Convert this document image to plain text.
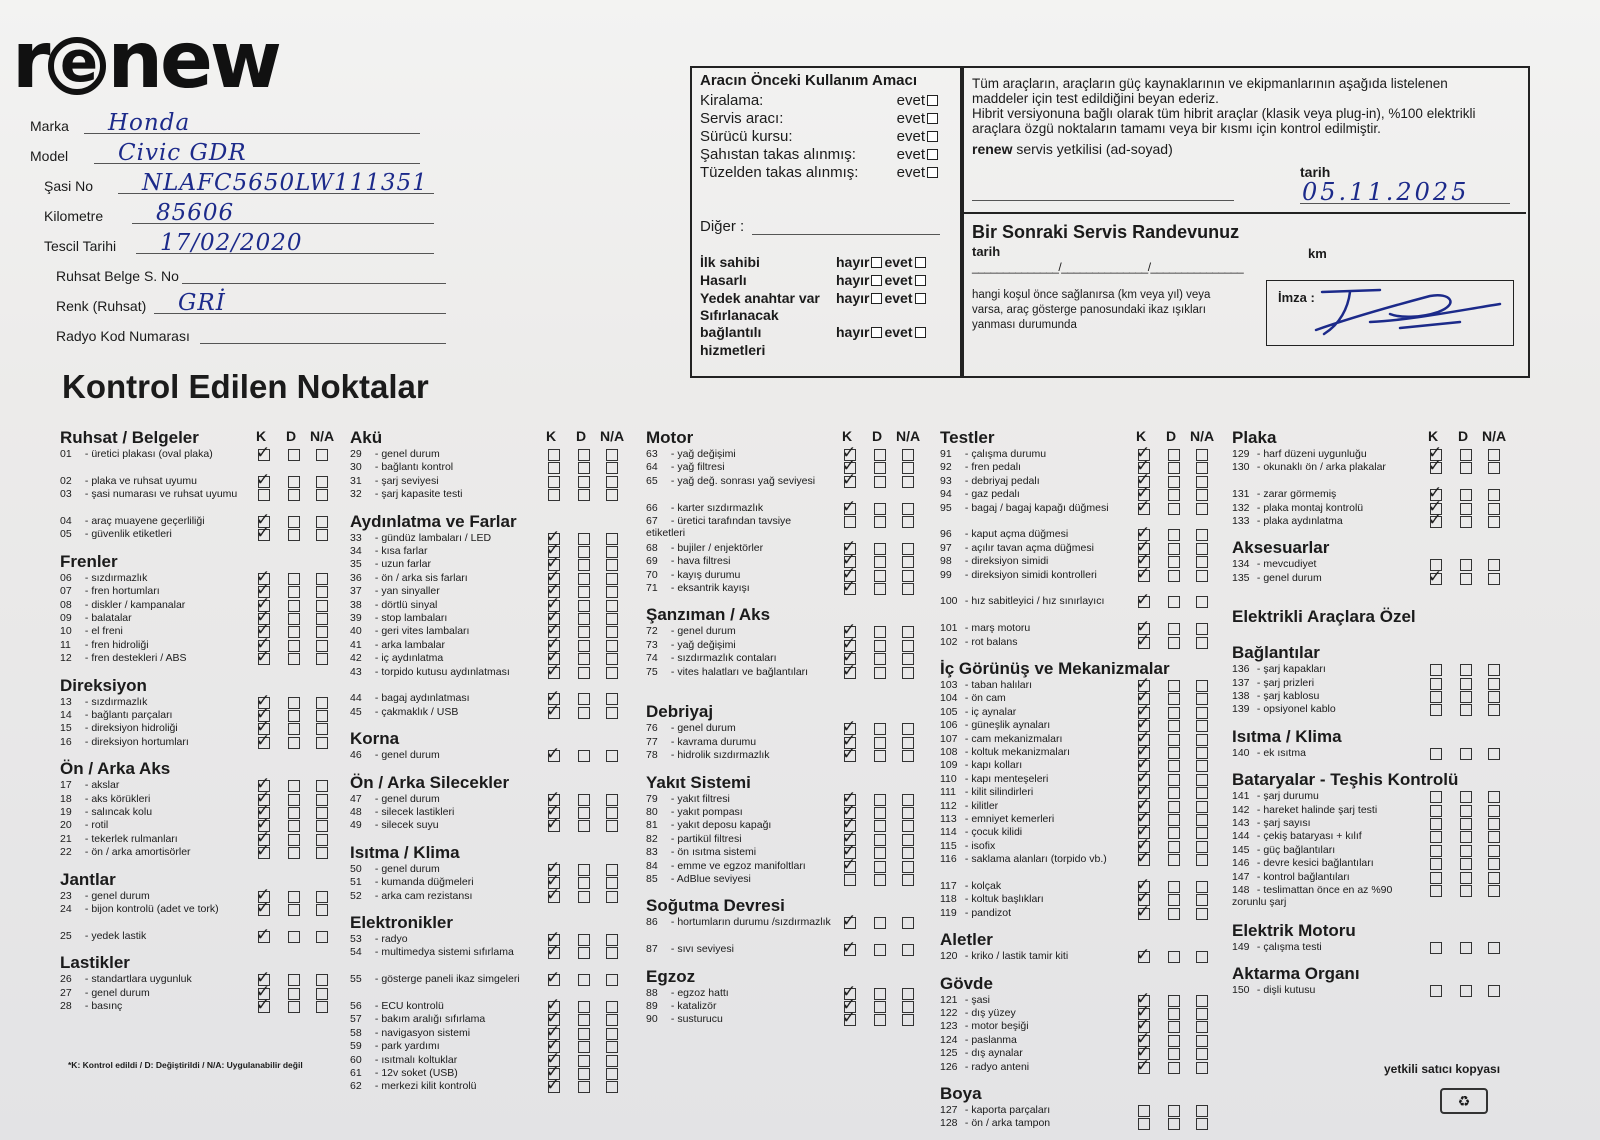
r e new
Marka Honda
Model Civic GDR
Şasi No NLAFC5650LW111351
Kilometre 85606
Tescil Tarihi 17/02/2020
Ruhsat Belge S. No
Renk (Ruhsat) GRİ
Radyo Kod Numarası
Aracın Önceki Kullanım Amacı
Kiralama:	evet
Servis aracı:	evet
Sürücü kursu:	evet
Şahıstan takas alınmış:	evet
Tüzelden takas alınmış:	evet
Diğer :
İlk sahibi	hayır evet
Hasarlı	hayır evet
Yedek anahtar var hayır evet
Sıfırlanacak
bağlantılı	hayır evet
hizmetleri
Tüm araçların, araçların güç kaynaklarının ve ekipmanlarının aşağıda listelenen maddeler için test edildiğini beyan ederiz.
Hibrit versiyonuna bağlı olarak tüm hibrit araçlar (klasik veya plug-in), %100 elektrikli araçlara özgü noktaların tamamı veya bir kısmı için kontrol edilmiştir.
renew servis yetkilisi (ad-soyad)
tarih
05.11.2025
Bir Sonraki Servis Randevunuz
tarih	km
______________/______________/_______________
hangi koşul önce sağlanırsa (km veya yıl) veya varsa, araç gösterge panosundaki ikaz ışıkları yanması durumunda
İmza :
Kontrol Edilen Noktalar
K D N/A
Ruhsat / Belgeler
01 - üretici plakası (oval plaka)	✓
02 - plaka ve ruhsat uyumu	✓
03 - şasi numarası ve ruhsat uyumu
04 - araç muayene geçerliliği	✓
05 - güvenlik etiketleri	✓
Frenler
06 - sızdırmazlık	✓
07 - fren hortumları	✓
08 - diskler / kampanalar	✓
09 - balatalar	✓
10 - el freni	✓
11 - fren hidroliği	✓
12 - fren destekleri / ABS	✓
Direksiyon
13 - sızdırmazlık	✓
14 - bağlantı parçaları	✓
15 - direksiyon hidroliği	✓
16 - direksiyon hortumları	✓
Ön / Arka Aks
17 - akslar	✓
18 - aks körükleri	✓
19 - salıncak kolu	✓
20 - rotil	✓
21 - tekerlek rulmanları	✓
22 - ön / arka amortisörler	✓
Jantlar
23 - genel durum	✓
24 - bijon kontrolü (adet ve tork)	✓
25 - yedek lastik	✓
Lastikler
26 - standartlara uygunluk	✓
27 - genel durum	✓
28 - basınç	✓
K D N/A
Akü
29 - genel durum
30 - bağlantı kontrol
31 - şarj seviyesi
32 - şarj kapasite testi
Aydınlatma ve Farlar
33 - gündüz lambaları / LED	✓
34 - kısa farlar	✓
35 - uzun farlar	✓
36 - ön / arka sis farları	✓
37 - yan sinyaller	✓
38 - dörtlü sinyal	✓
39 - stop lambaları	✓
40 - geri vites lambaları	✓
41 - arka lambalar	✓
42 - iç aydınlatma	✓
43 - torpido kutusu aydınlatması	✓
44 - bagaj aydınlatması	✓
45 - çakmaklık / USB	✓
Korna
46 - genel durum	✓
Ön / Arka Silecekler
47 - genel durum	✓
48 - silecek lastikleri	✓
49 - silecek suyu	✓
Isıtma / Klima
50 - genel durum	✓
51 - kumanda düğmeleri	✓
52 - arka cam rezistansı	✓
Elektronikler
53 - radyo	✓
54 - multimedya sistemi sıfırlama	✓
55 - gösterge paneli ikaz simgeleri	✓
56 - ECU kontrolü	✓
57 - bakım aralığı sıfırlama	✓
58 - navigasyon sistemi	✓
59 - park yardımı	✓
60 - ısıtmalı koltuklar	✓
61 - 12v soket (USB)	✓
62 - merkezi kilit kontrolü	✓
K D N/A
Motor
63 - yağ değişimi	✓
64 - yağ filtresi	✓
65 - yağ değ. sonrası yağ seviyesi	✓
66 - karter sızdırmazlık	✓
67 - üretici tarafından tavsiye etiketleri
68 - bujiler / enjektörler	✓
69 - hava filtresi	✓
70 - kayış durumu	✓
71 - eksantrik kayışı	✓
Şanzıman / Aks
72 - genel durum	✓
73 - yağ değişimi	✓
74 - sızdırmazlık contaları	✓
75 - vites halatları ve bağlantıları	✓
Debriyaj
76 - genel durum	✓
77 - kavrama durumu	✓
78 - hidrolik sızdırmazlık	✓
Yakıt Sistemi
79 - yakıt filtresi	✓
80 - yakıt pompası	✓
81 - yakıt deposu kapağı	✓
82 - partikül filtresi	✓
83 - ön ısıtma sistemi	✓
84 - emme ve egzoz manifoltları	✓
85 - AdBlue seviyesi
Soğutma Devresi
86 - hortumların durumu /sızdırmazlık ✓
87 - sıvı seviyesi	✓
Egzoz
88 - egzoz hattı	✓
89 - katalizör	✓
90 - susturucu	✓
K D N/A
Testler
91 - çalışma durumu	✓
92 - fren pedalı	✓
93 - debriyaj pedalı	✓
94 - gaz pedalı	✓
95 - bagaj / bagaj kapağı düğmesi	✓
96 - kaput açma düğmesi	✓
97 - açılır tavan açma düğmesi	✓
98 - direksiyon simidi	✓
99 - direksiyon simidi kontrolleri	✓
100 - hız sabitleyici / hız sınırlayıcı	✓
101 - marş motoru	✓
102 - rot balans	✓
İç Görünüş ve Mekanizmalar
103 - taban halıları	✓
104 - ön cam	✓
105 - iç aynalar	✓
106 - güneşlik aynaları	✓
107 - cam mekanizmaları	✓
108 - koltuk mekanizmaları	✓
109 - kapı kolları	✓
110 - kapı menteşeleri	✓
111 - kilit silindirleri	✓
112 - kilitler	✓
113 - emniyet kemerleri	✓
114 - çocuk kilidi	✓
115 - isofix	✓
116 - saklama alanları (torpido vb.)	✓
117 - kolçak	✓
118 - koltuk başlıkları	✓
119 - pandizot	✓
Aletler
120 - kriko / lastik tamir kiti	✓
Gövde
121 - şasi	✓
122 - dış yüzey	✓
123 - motor beşiği	✓
124 - paslanma	✓
125 - dış aynalar	✓
126 - radyo anteni	✓
Boya
127 - kaporta parçaları
128 - ön / arka tampon
K D N/A
Plaka
129 - harf düzeni uygunluğu	✓
130 - okunaklı ön / arka plakalar	✓
131 - zarar görmemiş	✓
132 - plaka montaj kontrolü	✓
133 - plaka aydınlatma	✓
Aksesuarlar
134 - mevcudiyet
135 - genel durum	✓
Elektrikli Araçlara Özel
Bağlantılar
136 - şarj kapakları
137 - şarj prizleri
138 - şarj kablosu
139 - opsiyonel kablo
Isıtma / Klima
140 - ek ısıtma
Bataryalar - Teşhis Kontrolü
141 - şarj durumu
142 - hareket halinde şarj testi
143 - şarj sayısı
144 - çekiş bataryası + kılıf
145 - güç bağlantıları
146 - devre kesici bağlantıları
147 - kontrol bağlantıları
148 - teslimattan önce en az %90 zorunlu şarj
Elektrik Motoru
149 - çalışma testi
Aktarma Organı
150 - dişli kutusu
*K: Kontrol edildi / D: Değiştirildi / N/A: Uygulanabilir değil	yetkili satıcı kopyası
♻
